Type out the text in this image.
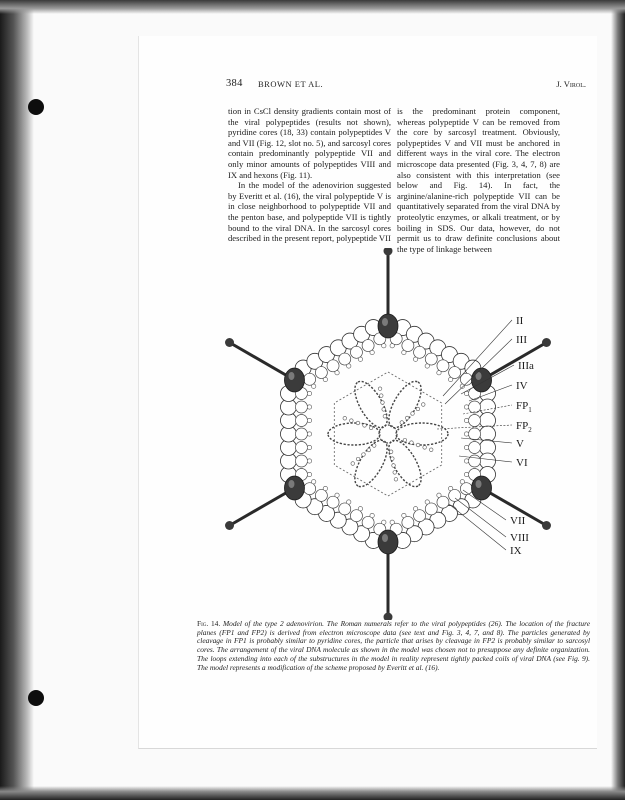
384 BROWN ET AL.	J. Virol.

tion in CsCl density gradients contain most of the viral polypeptides (results not shown), pyridine cores (18, 33) contain polypeptides V and VII (Fig. 12, slot no. 5), and sarcosyl cores contain predominantly polypeptide VII and only minor amounts of polypeptides VIII and IX and hexons (Fig. 11).

In the model of the adenovirion suggested by Everitt et al. (16), the viral polypeptide V is in close neighborhood to polypeptide VII and the penton base, and polypeptide VII is tightly bound to the viral DNA. In the sarcosyl cores described in the present report, polypeptide VII

is the predominant protein component, whereas polypeptide V can be removed from the core by sarcosyl treatment. Obviously, polypeptides V and VII must be anchored in different ways in the viral core. The electron microscope data presented (Fig. 3, 4, 7, 8) are also consistent with this interpretation (see below and Fig. 14). In fact, the arginine/alanine-rich polypeptide VII can be quantitatively separated from the viral DNA by proteolytic enzymes, or alkali treatment, or by boiling in SDS. Our data, however, do not permit us to draw definite conclusions about the type of linkage between

II
III
IIIa
IV
$FP_1$
$FP_2$
V
VI
VII
VIII
IX
Fig. 14. Model of the type 2 adenovirion. The Roman numerals refer to the viral polypeptides (26). The location of the fracture planes (FP1 and FP2) is derived from electron microscope data (see text and Fig. 3, 4, 7, and 8). The particles generated by cleavage in FP1 is probably similar to pyridine cores, the particle that arises by cleavage in FP2 is probably similar to sarcosyl cores. The arrangement of the viral DNA molecule as shown in the model was chosen not to presuppose any definite organization. The loops extending into each of the substructures in the model in reality represent tightly packed coils of viral DNA (see Fig. 9). The model represents a modification of the scheme proposed by Everitt et al. (16).
